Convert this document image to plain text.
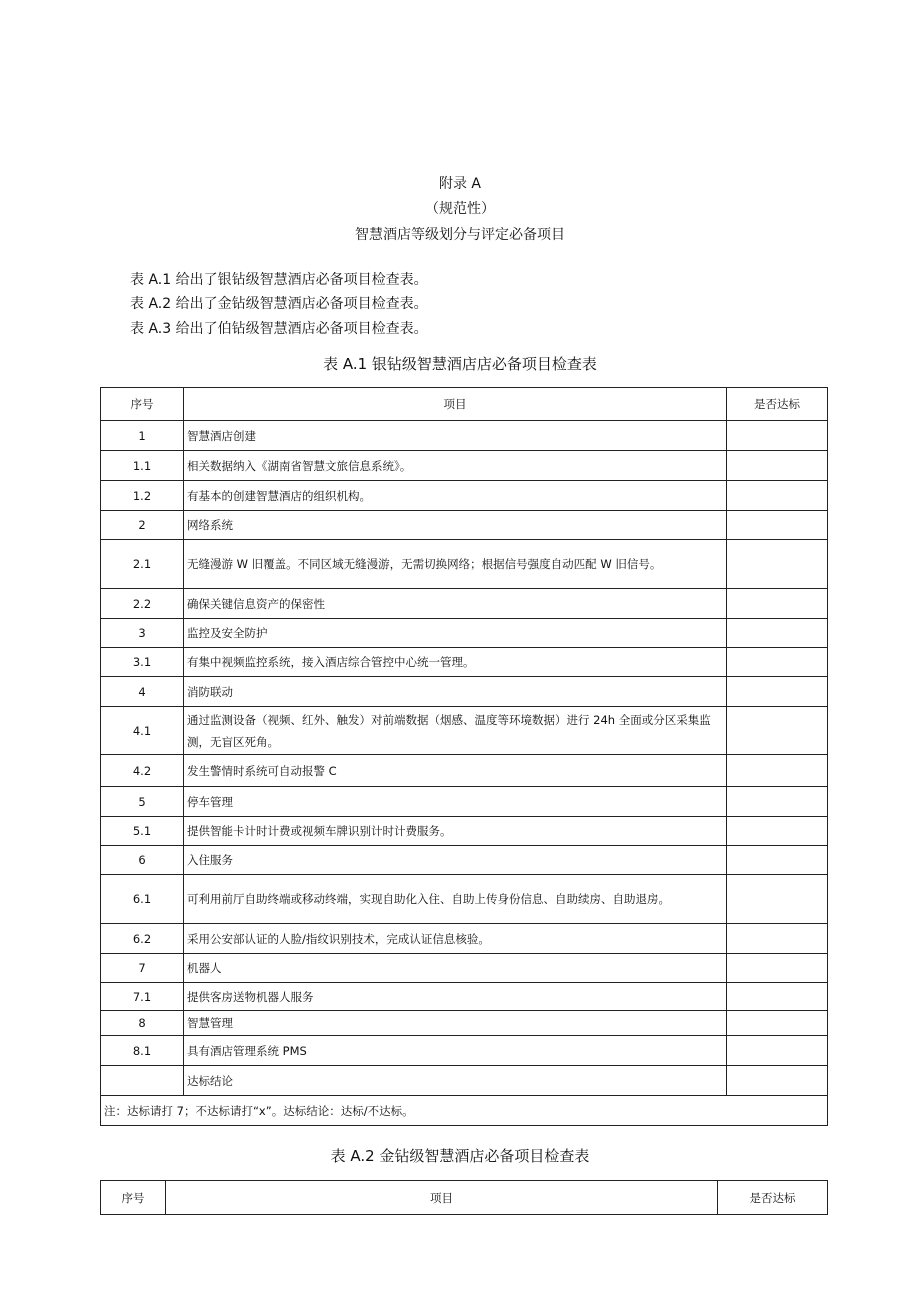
附录 A
（规范性）
智慧酒店等级划分与评定必备项目
表 A.1 给出了银钻级智慧酒店必备项目检查表。
表 A.2 给出了金钻级智慧酒店必备项目检查表。
表 A.3 给出了伯钻级智慧酒店必备项目检查表。
表 A.1 银钻级智慧酒店店必备项目检查表
序号	项目	是否达标
1	智慧酒店创建	
1.1	相关数据纳入《湖南省智慧文旅信息系统》。	
1.2	有基本的创建智慧酒店的组织机构。	
2	网络系统	
2.1	无缝漫游 W 旧覆盖。不同区域无缝漫游，无需切换网络；根据信号强度自动匹配 W 旧信号。	
2.2	确保关键信息资产的保密性	
3	监控及安全防护	
3.1	有集中视频监控系统，接入酒店综合管控中心统一管理。	
4	消防联动	
4.1	通过监测设备（视频、红外、触发）对前端数据（烟感、温度等环境数据）进行 24h 全面或分区采集监测，无盲区死角。	
4.2	发生警情时系统可自动报警 C	
5	停车管理	
5.1	提供智能卡计时计费或视频车牌识别计时计费服务。	
6	入住服务	
6.1	可利用前厅自助终端或移动终端，实现自助化入住、自助上传身份信息、自助续房、自助退房。	
6.2	采用公安部认证的人脸/指纹识别技术，完成认证信息核验。	
7	机器人	
7.1	提供客房送物机器人服务	
8	智慧管理	
8.1	具有酒店管理系统 PMS	
	达标结论	
注：达标请打 7；不达标请打“x”。达标结论：达标/不达标。		
表 A.2 金钻级智慧酒店必备项目检查表
序号	项目	是否达标
